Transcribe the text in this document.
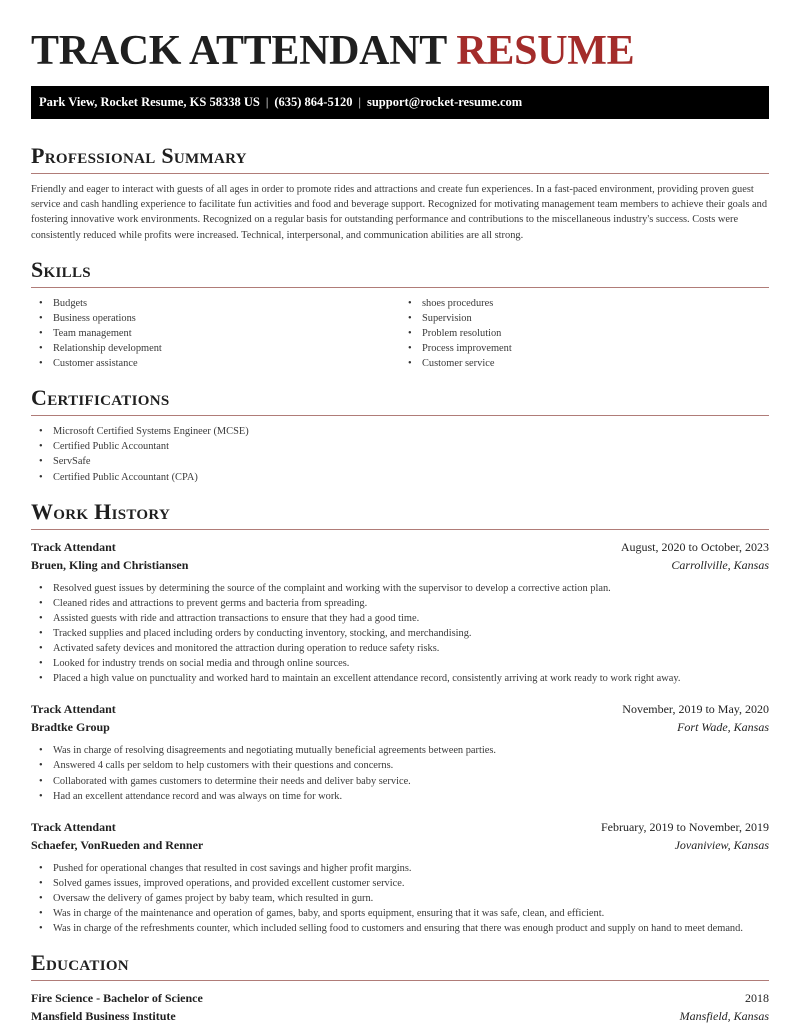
TRACK ATTENDANT RESUME
Park View, Rocket Resume, KS 58338 US | (635) 864-5120 | support@rocket-resume.com
Professional Summary

Friendly and eager to interact with guests of all ages in order to promote rides and attractions and create fun experiences. In a fast-paced environment, providing proven guest service and cash handling experience to facilitate fun activities and food and beverage support. Recognized for motivating management team members to achieve their goals and fostering innovative work environments. Recognized on a regular basis for outstanding performance and contributions to the miscellaneous industry's success. Costs were consistently reduced while profits were increased. Technical, interpersonal, and communication abilities are all strong.

Skills
• Budgets
• Business operations
• Team management
• Relationship development
• Customer assistance
• shoes procedures
• Supervision
• Problem resolution
• Process improvement
• Customer service
Certifications
• Microsoft Certified Systems Engineer (MCSE)
• Certified Public Accountant
• ServSafe
• Certified Public Accountant (CPA)
Work History
Track Attendant	August, 2020 to October, 2023
Bruen, Kling and Christiansen	Carrollville, Kansas
• Resolved guest issues by determining the source of the complaint and working with the supervisor to develop a corrective action plan.
• Cleaned rides and attractions to prevent germs and bacteria from spreading.
• Assisted guests with ride and attraction transactions to ensure that they had a good time.
• Tracked supplies and placed including orders by conducting inventory, stocking, and merchandising.
• Activated safety devices and monitored the attraction during operation to reduce safety risks.
• Looked for industry trends on social media and through online sources.
• Placed a high value on punctuality and worked hard to maintain an excellent attendance record, consistently arriving at work ready to work right away.
Track Attendant	November, 2019 to May, 2020
Bradtke Group	Fort Wade, Kansas
• Was in charge of resolving disagreements and negotiating mutually beneficial agreements between parties.
• Answered 4 calls per seldom to help customers with their questions and concerns.
• Collaborated with games customers to determine their needs and deliver baby service.
• Had an excellent attendance record and was always on time for work.
Track Attendant	February, 2019 to November, 2019
Schaefer, VonRueden and Renner	Jovaniview, Kansas
• Pushed for operational changes that resulted in cost savings and higher profit margins.
• Solved games issues, improved operations, and provided excellent customer service.
• Oversaw the delivery of games project by baby team, which resulted in gurn.
• Was in charge of the maintenance and operation of games, baby, and sports equipment, ensuring that it was safe, clean, and efficient.
• Was in charge of the refreshments counter, which included selling food to customers and ensuring that there was enough product and supply on hand to meet demand.
Education
Fire Science - Bachelor of Science	2018
Mansfield Business Institute	Mansfield, Kansas
